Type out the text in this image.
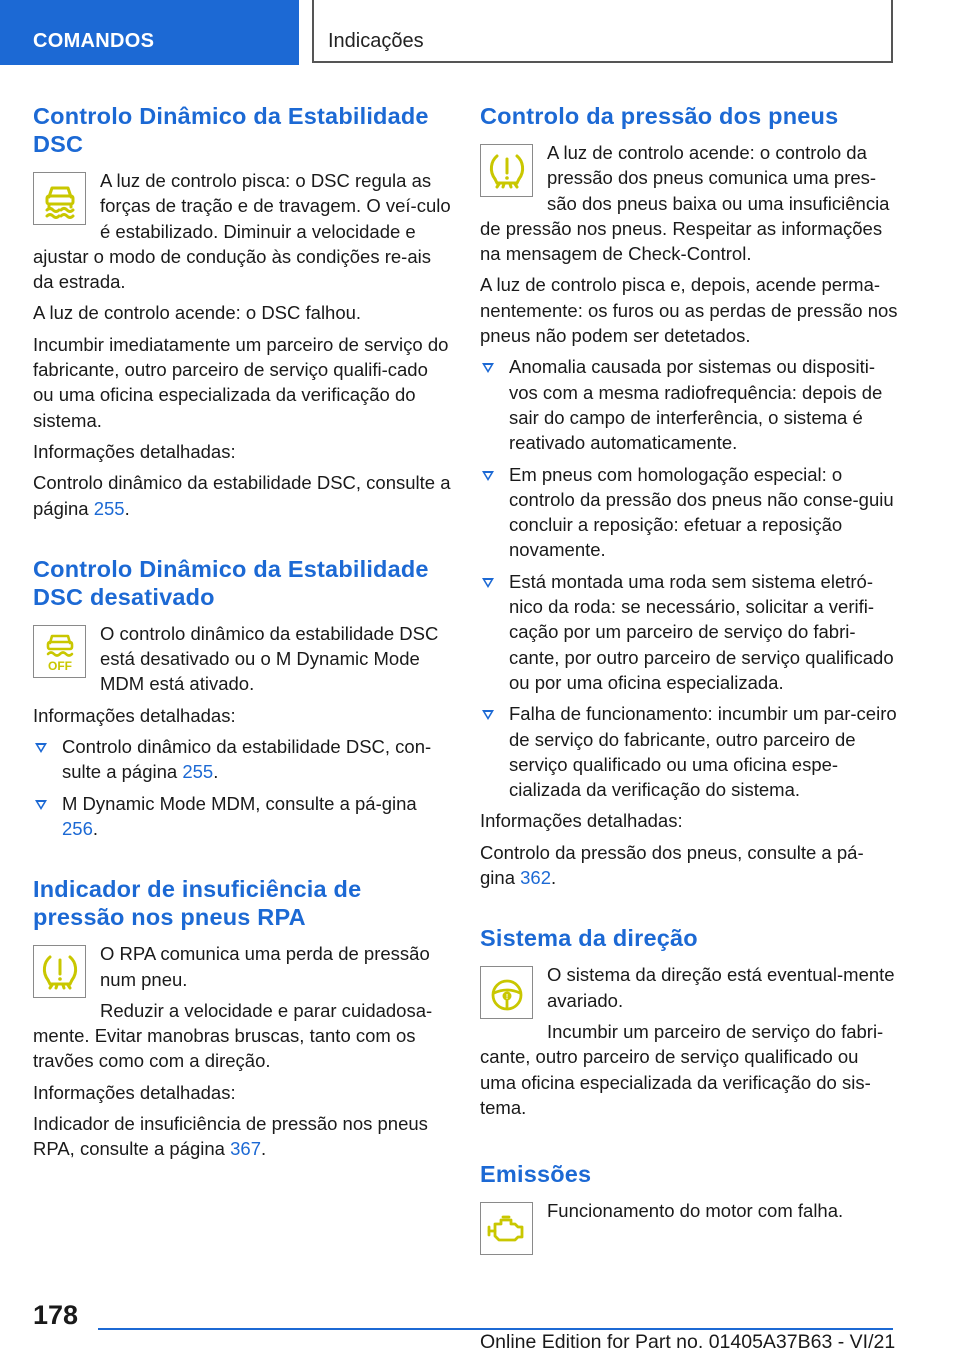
COMANDOS	Indicações
Controlo Dinâmico da Estabilidade DSC

A luz de controlo pisca: o DSC regula as forças de tração e de travagem. O veí-culo é estabilizado. Diminuir a velocidade e ajustar o modo de condução às condições re-ais da estrada.

A luz de controlo acende: o DSC falhou.

Incumbir imediatamente um parceiro de serviço do fabricante, outro parceiro de serviço qualifi-cado ou uma oficina especializada da verificação do sistema.

Informações detalhadas:

Controlo dinâmico da estabilidade DSC, consulte a página 255.

Controlo Dinâmico da Estabilidade DSC desativado
OFF

O controlo dinâmico da estabilidade DSC está desativado ou o M Dynamic Mode MDM está ativado.

Informações detalhadas:

Controlo dinâmico da estabilidade DSC, con-sulte a página 255.
M Dynamic Mode MDM, consulte a pá-gina 256.
Indicador de insuficiência de pressão nos pneus RPA

O RPA comunica uma perda de pressão num pneu.

Reduzir a velocidade e parar cuidadosa-mente. Evitar manobras bruscas, tanto com os travões como com a direção.

Informações detalhadas:

Indicador de insuficiência de pressão nos pneus RPA, consulte a página 367.

Controlo da pressão dos pneus

A luz de controlo acende: o controlo da pressão dos pneus comunica uma pres-são dos pneus baixa ou uma insuficiência de pressão nos pneus. Respeitar as informações na mensagem de Check-Control.

A luz de controlo pisca e, depois, acende perma-nentemente: os furos ou as perdas de pressão nos pneus não podem ser detetados.

Anomalia causada por sistemas ou dispositi-vos com a mesma radiofrequência: depois de sair do campo de interferência, o sistema é reativado automaticamente.
Em pneus com homologação especial: o controlo da pressão dos pneus não conse-guiu concluir a reposição: efetuar a reposição novamente.
Está montada uma roda sem sistema eletró-nico da roda: se necessário, solicitar a verifi-cação por um parceiro de serviço do fabri-cante, por outro parceiro de serviço qualificado ou por uma oficina especializada.
Falha de funcionamento: incumbir um par-ceiro de serviço do fabricante, outro parceiro de serviço qualificado ou uma oficina espe-cializada da verificação do sistema.

Informações detalhadas:

Controlo da pressão dos pneus, consulte a pá-gina 362.

Sistema da direção
!

O sistema da direção está eventual-mente avariado.

Incumbir um parceiro de serviço do fabri-cante, outro parceiro de serviço qualificado ou uma oficina especializada da verificação do sis-tema.

Emissões

Funcionamento do motor com falha.

178
Online Edition for Part no. 01405A37B63 - VI/21
